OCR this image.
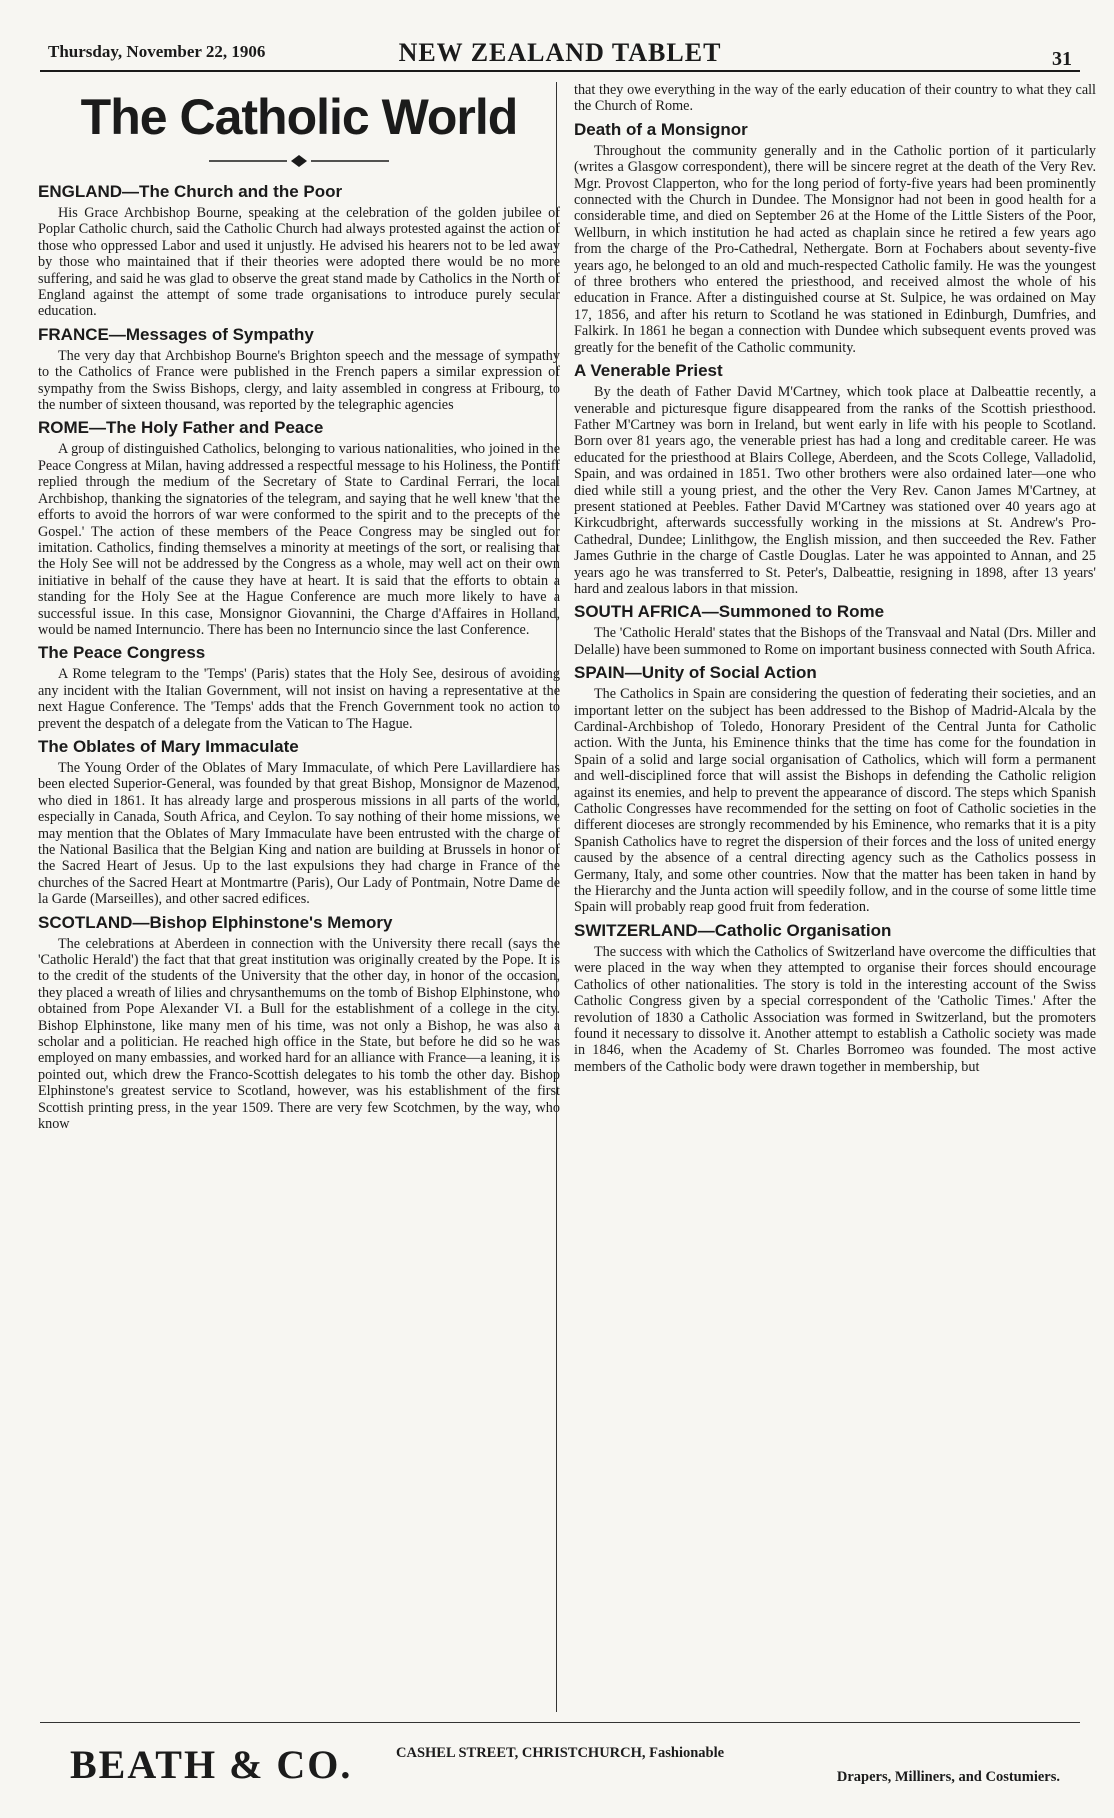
Thursday, November 22, 1906	NEW ZEALAND TABLET	31
The Catholic World
ENGLAND—The Church and the Poor

His Grace Archbishop Bourne, speaking at the celebration of the golden jubilee of Poplar Catholic church, said the Catholic Church had always protested against the action of those who oppressed Labor and used it unjustly. He advised his hearers not to be led away by those who maintained that if their theories were adopted there would be no more suffering, and said he was glad to observe the great stand made by Catholics in the North of England against the attempt of some trade organisations to introduce purely secular education.

FRANCE—Messages of Sympathy

The very day that Archbishop Bourne's Brighton speech and the message of sympathy to the Catholics of France were published in the French papers a similar expression of sympathy from the Swiss Bishops, clergy, and laity assembled in congress at Fribourg, to the number of sixteen thousand, was reported by the telegraphic agencies

ROME—The Holy Father and Peace

A group of distinguished Catholics, belonging to various nationalities, who joined in the Peace Congress at Milan, having addressed a respectful message to his Holiness, the Pontiff replied through the medium of the Secretary of State to Cardinal Ferrari, the local Archbishop, thanking the signatories of the telegram, and saying that he well knew 'that the efforts to avoid the horrors of war were conformed to the spirit and to the precepts of the Gospel.' The action of these members of the Peace Congress may be singled out for imitation. Catholics, finding themselves a minority at meetings of the sort, or realising that the Holy See will not be addressed by the Congress as a whole, may well act on their own initiative in behalf of the cause they have at heart. It is said that the efforts to obtain a standing for the Holy See at the Hague Conference are much more likely to have a successful issue. In this case, Monsignor Giovannini, the Charge d'Affaires in Holland, would be named Internuncio. There has been no Internuncio since the last Conference.

The Peace Congress

A Rome telegram to the 'Temps' (Paris) states that the Holy See, desirous of avoiding any incident with the Italian Government, will not insist on having a representative at the next Hague Conference. The 'Temps' adds that the French Government took no action to prevent the despatch of a delegate from the Vatican to The Hague.

The Oblates of Mary Immaculate

The Young Order of the Oblates of Mary Immaculate, of which Pere Lavillardiere has been elected Superior-General, was founded by that great Bishop, Monsignor de Mazenod, who died in 1861. It has already large and prosperous missions in all parts of the world, especially in Canada, South Africa, and Ceylon. To say nothing of their home missions, we may mention that the Oblates of Mary Immaculate have been entrusted with the charge of the National Basilica that the Belgian King and nation are building at Brussels in honor of the Sacred Heart of Jesus. Up to the last expulsions they had charge in France of the churches of the Sacred Heart at Montmartre (Paris), Our Lady of Pontmain, Notre Dame de la Garde (Marseilles), and other sacred edifices.

SCOTLAND—Bishop Elphinstone's Memory

The celebrations at Aberdeen in connection with the University there recall (says the 'Catholic Herald') the fact that that great institution was originally created by the Pope. It is to the credit of the students of the University that the other day, in honor of the occasion, they placed a wreath of lilies and chrysanthemums on the tomb of Bishop Elphinstone, who obtained from Pope Alexander VI. a Bull for the establishment of a college in the city. Bishop Elphinstone, like many men of his time, was not only a Bishop, he was also a scholar and a politician. He reached high office in the State, but before he did so he was employed on many embassies, and worked hard for an alliance with France—a leaning, it is pointed out, which drew the Franco-Scottish delegates to his tomb the other day. Bishop Elphinstone's greatest service to Scotland, however, was his establishment of the first Scottish printing press, in the year 1509. There are very few Scotchmen, by the way, who know

that they owe everything in the way of the early education of their country to what they call the Church of Rome.

Death of a Monsignor

Throughout the community generally and in the Catholic portion of it particularly (writes a Glasgow correspondent), there will be sincere regret at the death of the Very Rev. Mgr. Provost Clapperton, who for the long period of forty-five years had been prominently connected with the Church in Dundee. The Monsignor had not been in good health for a considerable time, and died on September 26 at the Home of the Little Sisters of the Poor, Wellburn, in which institution he had acted as chaplain since he retired a few years ago from the charge of the Pro-Cathedral, Nethergate. Born at Fochabers about seventy-five years ago, he belonged to an old and much-respected Catholic family. He was the youngest of three brothers who entered the priesthood, and received almost the whole of his education in France. After a distinguished course at St. Sulpice, he was ordained on May 17, 1856, and after his return to Scotland he was stationed in Edinburgh, Dumfries, and Falkirk. In 1861 he began a connection with Dundee which subsequent events proved was greatly for the benefit of the Catholic community.

A Venerable Priest

By the death of Father David M'Cartney, which took place at Dalbeattie recently, a venerable and picturesque figure disappeared from the ranks of the Scottish priesthood. Father M'Cartney was born in Ireland, but went early in life with his people to Scotland. Born over 81 years ago, the venerable priest has had a long and creditable career. He was educated for the priesthood at Blairs College, Aberdeen, and the Scots College, Valladolid, Spain, and was ordained in 1851. Two other brothers were also ordained later—one who died while still a young priest, and the other the Very Rev. Canon James M'Cartney, at present stationed at Peebles. Father David M'Cartney was stationed over 40 years ago at Kirkcudbright, afterwards successfully working in the missions at St. Andrew's Pro-Cathedral, Dundee; Linlithgow, the English mission, and then succeeded the Rev. Father James Guthrie in the charge of Castle Douglas. Later he was appointed to Annan, and 25 years ago he was transferred to St. Peter's, Dalbeattie, resigning in 1898, after 13 years' hard and zealous labors in that mission.

SOUTH AFRICA—Summoned to Rome

The 'Catholic Herald' states that the Bishops of the Transvaal and Natal (Drs. Miller and Delalle) have been summoned to Rome on important business connected with South Africa.

SPAIN—Unity of Social Action

The Catholics in Spain are considering the question of federating their societies, and an important letter on the subject has been addressed to the Bishop of Madrid-Alcala by the Cardinal-Archbishop of Toledo, Honorary President of the Central Junta for Catholic action. With the Junta, his Eminence thinks that the time has come for the foundation in Spain of a solid and large social organisation of Catholics, which will form a permanent and well-disciplined force that will assist the Bishops in defending the Catholic religion against its enemies, and help to prevent the appearance of discord. The steps which Spanish Catholic Congresses have recommended for the setting on foot of Catholic societies in the different dioceses are strongly recommended by his Eminence, who remarks that it is a pity Spanish Catholics have to regret the dispersion of their forces and the loss of united energy caused by the absence of a central directing agency such as the Catholics possess in Germany, Italy, and some other countries. Now that the matter has been taken in hand by the Hierarchy and the Junta action will speedily follow, and in the course of some little time Spain will probably reap good fruit from federation.

SWITZERLAND—Catholic Organisation

The success with which the Catholics of Switzerland have overcome the difficulties that were placed in the way when they attempted to organise their forces should encourage Catholics of other nationalities. The story is told in the interesting account of the Swiss Catholic Congress given by a special correspondent of the 'Catholic Times.' After the revolution of 1830 a Catholic Association was formed in Switzerland, but the promoters found it necessary to dissolve it. Another attempt to establish a Catholic society was made in 1846, when the Academy of St. Charles Borromeo was founded. The most active members of the Catholic body were drawn together in membership, but

BEATH & CO.	CASHEL STREET, CHRISTCHURCH, Fashionable
Drapers, Milliners, and Costumiers.
